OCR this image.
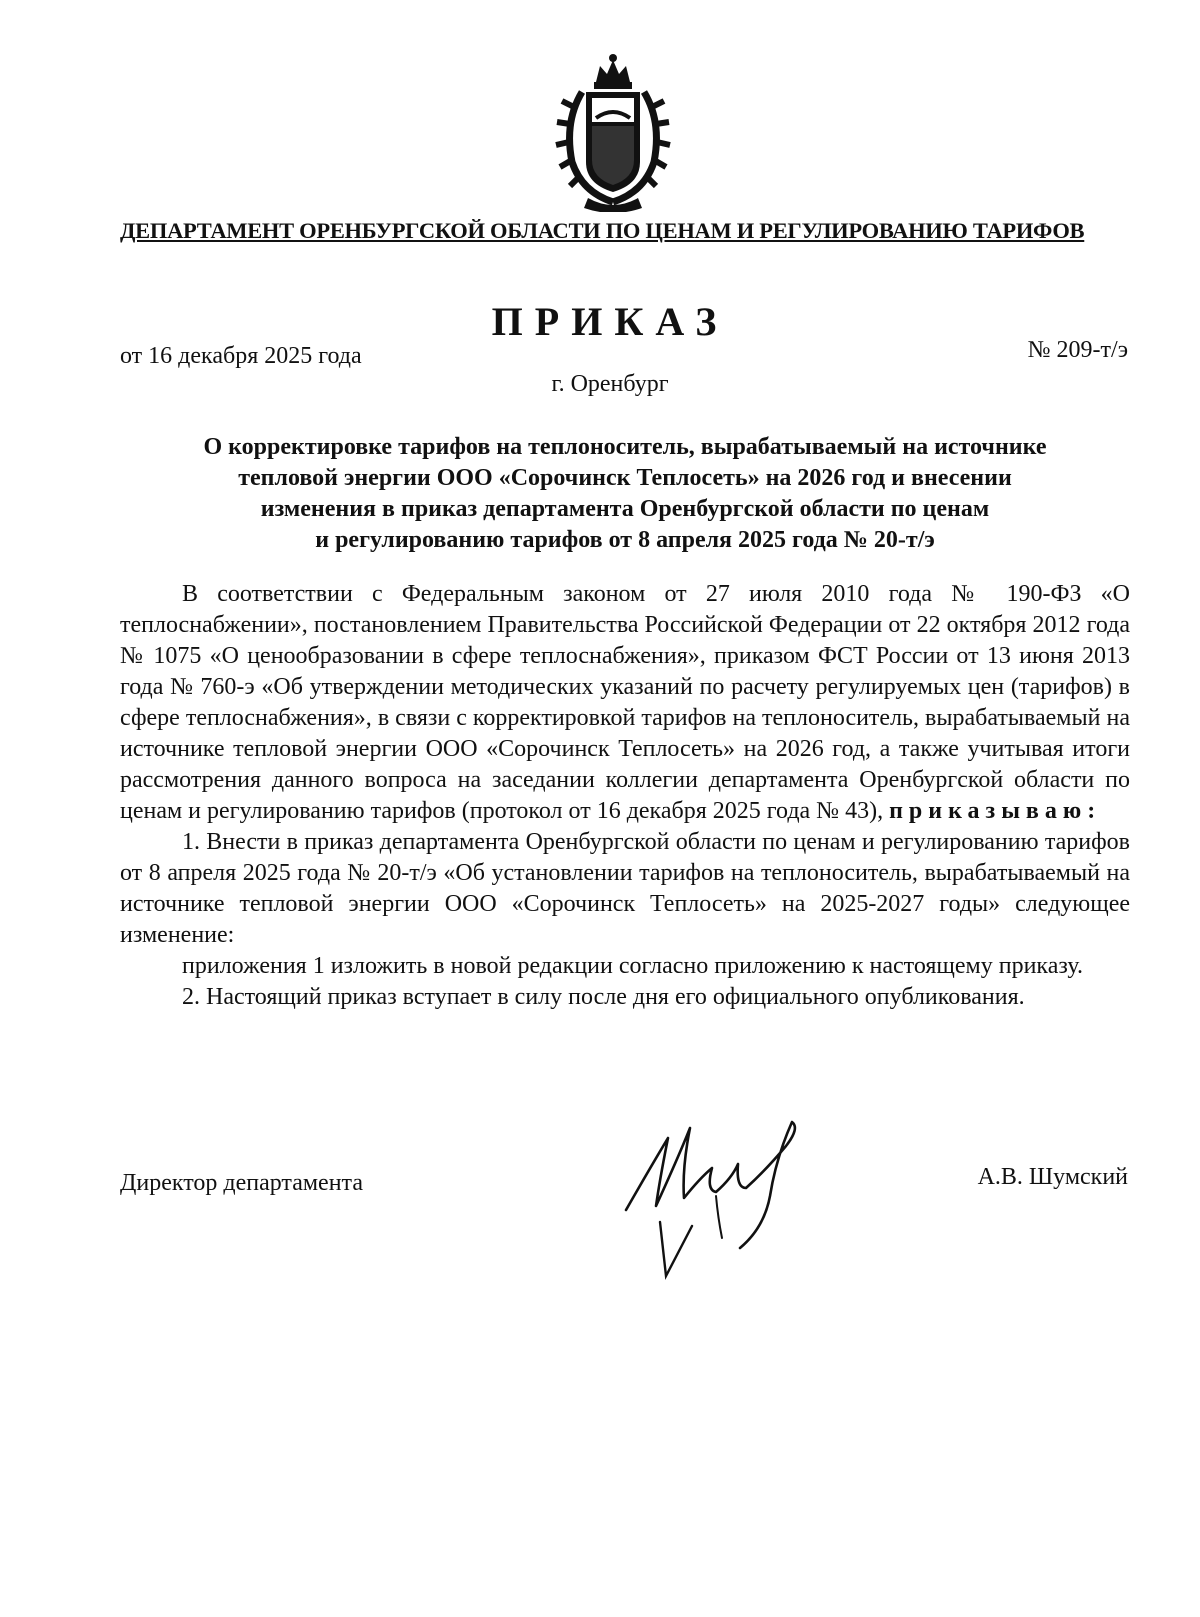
ДЕПАРТАМЕНТ ОРЕНБУРГСКОЙ ОБЛАСТИ ПО ЦЕНАМ И РЕГУЛИРОВАНИЮ ТАРИФОВ
ПРИКАЗ
от 16 декабря 2025 года	№ 209-т/э
г. Оренбург
О корректировке тарифов на теплоноситель, вырабатываемый на источнике
тепловой энергии ООО «Сорочинск Теплосеть» на 2026 год и внесении
изменения в приказ департамента Оренбургской области по ценам
и регулированию тарифов от 8 апреля 2025 года № 20-т/э

В соответствии с Федеральным законом от 27 июля 2010 года № 190-ФЗ «О теплоснабжении», постановлением Правительства Российской Федерации от 22 октября 2012 года № 1075 «О ценообразовании в сфере теплоснабжения», приказом ФСТ России от 13 июня 2013 года № 760-э «Об утверждении методических указаний по расчету регулируемых цен (тарифов) в сфере теплоснабжения», в связи с корректировкой тарифов на теплоноситель, вырабатываемый на источнике тепловой энергии ООО «Сорочинск Теплосеть» на 2026 год, а также учитывая итоги рассмотрения данного вопроса на заседании коллегии департамента Оренбургской области по ценам и регулированию тарифов (протокол от 16 декабря 2025 года № 43), приказываю:

1. Внести в приказ департамента Оренбургской области по ценам и регулированию тарифов от 8 апреля 2025 года № 20-т/э «Об установлении тарифов на теплоноситель, вырабатываемый на источнике тепловой энергии ООО «Сорочинск Теплосеть» на 2025-2027 годы» следующее изменение:

приложения 1 изложить в новой редакции согласно приложению к настоящему приказу.

2. Настоящий приказ вступает в силу после дня его официального опубликования.

Директор департамента	А.В. Шумский
